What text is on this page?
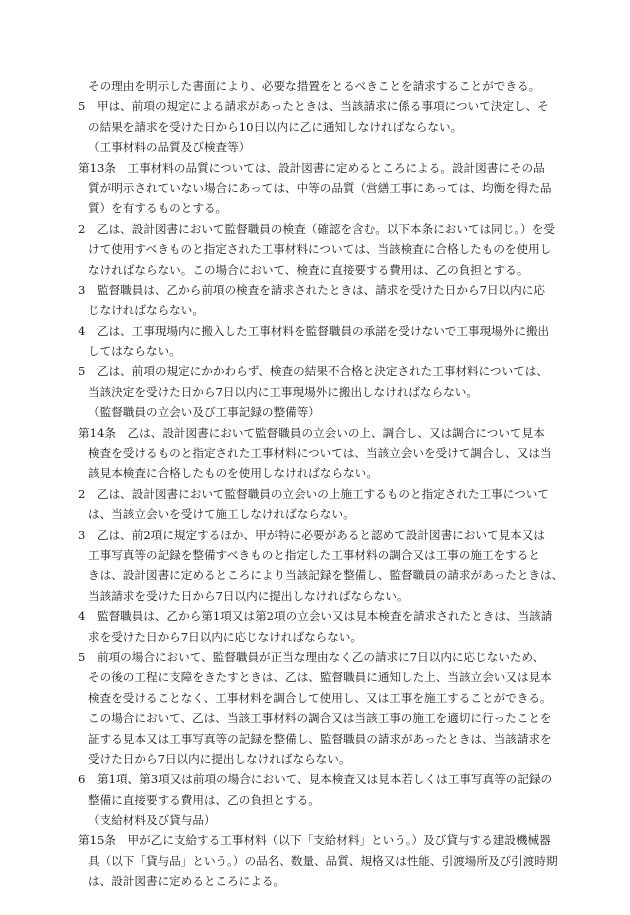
その理由を明示した書面により、必要な措置をとるべきことを請求することができる。
5　甲は、前項の規定による請求があったときは、当該請求に係る事項について決定し、そ
の結果を請求を受けた日から10日以内に乙に通知しなければならない。
（工事材料の品質及び検査等）
第13条　工事材料の品質については、設計図書に定めるところによる。設計図書にその品
質が明示されていない場合にあっては、中等の品質（営繕工事にあっては、均衡を得た品
質）を有するものとする。
2　乙は、設計図書において監督職員の検査（確認を含む。以下本条においては同じ。）を受
けて使用すべきものと指定された工事材料については、当該検査に合格したものを使用し
なければならない。この場合において、検査に直接要する費用は、乙の負担とする。
3　監督職員は、乙から前項の検査を請求されたときは、請求を受けた日から7日以内に応
じなければならない。
4　乙は、工事現場内に搬入した工事材料を監督職員の承諾を受けないで工事現場外に搬出
してはならない。
5　乙は、前項の規定にかかわらず、検査の結果不合格と決定された工事材料については、
当該決定を受けた日から7日以内に工事現場外に搬出しなければならない。
（監督職員の立会い及び工事記録の整備等）
第14条　乙は、設計図書において監督職員の立会いの上、調合し、又は調合について見本
検査を受けるものと指定された工事材料については、当該立会いを受けて調合し、又は当
該見本検査に合格したものを使用しなければならない。
2　乙は、設計図書において監督職員の立会いの上施工するものと指定された工事について
は、当該立会いを受けて施工しなければならない。
3　乙は、前2項に規定するほか、甲が特に必要があると認めて設計図書において見本又は
工事写真等の記録を整備すべきものと指定した工事材料の調合又は工事の施工をすると
きは、設計図書に定めるところにより当該記録を整備し、監督職員の請求があったときは、
当該請求を受けた日から7日以内に提出しなければならない。
4　監督職員は、乙から第1項又は第2項の立会い又は見本検査を請求されたときは、当該請
求を受けた日から7日以内に応じなければならない。
5　前項の場合において、監督職員が正当な理由なく乙の請求に7日以内に応じないため、
その後の工程に支障をきたすときは、乙は、監督職員に通知した上、当該立会い又は見本
検査を受けることなく、工事材料を調合して使用し、又は工事を施工することができる。
この場合において、乙は、当該工事材料の調合又は当該工事の施工を適切に行ったことを
証する見本又は工事写真等の記録を整備し、監督職員の請求があったときは、当該請求を
受けた日から7日以内に提出しなければならない。
6　第1項、第3項又は前項の場合において、見本検査又は見本若しくは工事写真等の記録の
整備に直接要する費用は、乙の負担とする。
（支給材料及び貸与品）
第15条　甲が乙に支給する工事材料（以下「支給材料」という。）及び貸与する建設機械器
具（以下「貸与品」という。）の品名、数量、品質、規格又は性能、引渡場所及び引渡時期
は、設計図書に定めるところによる。
